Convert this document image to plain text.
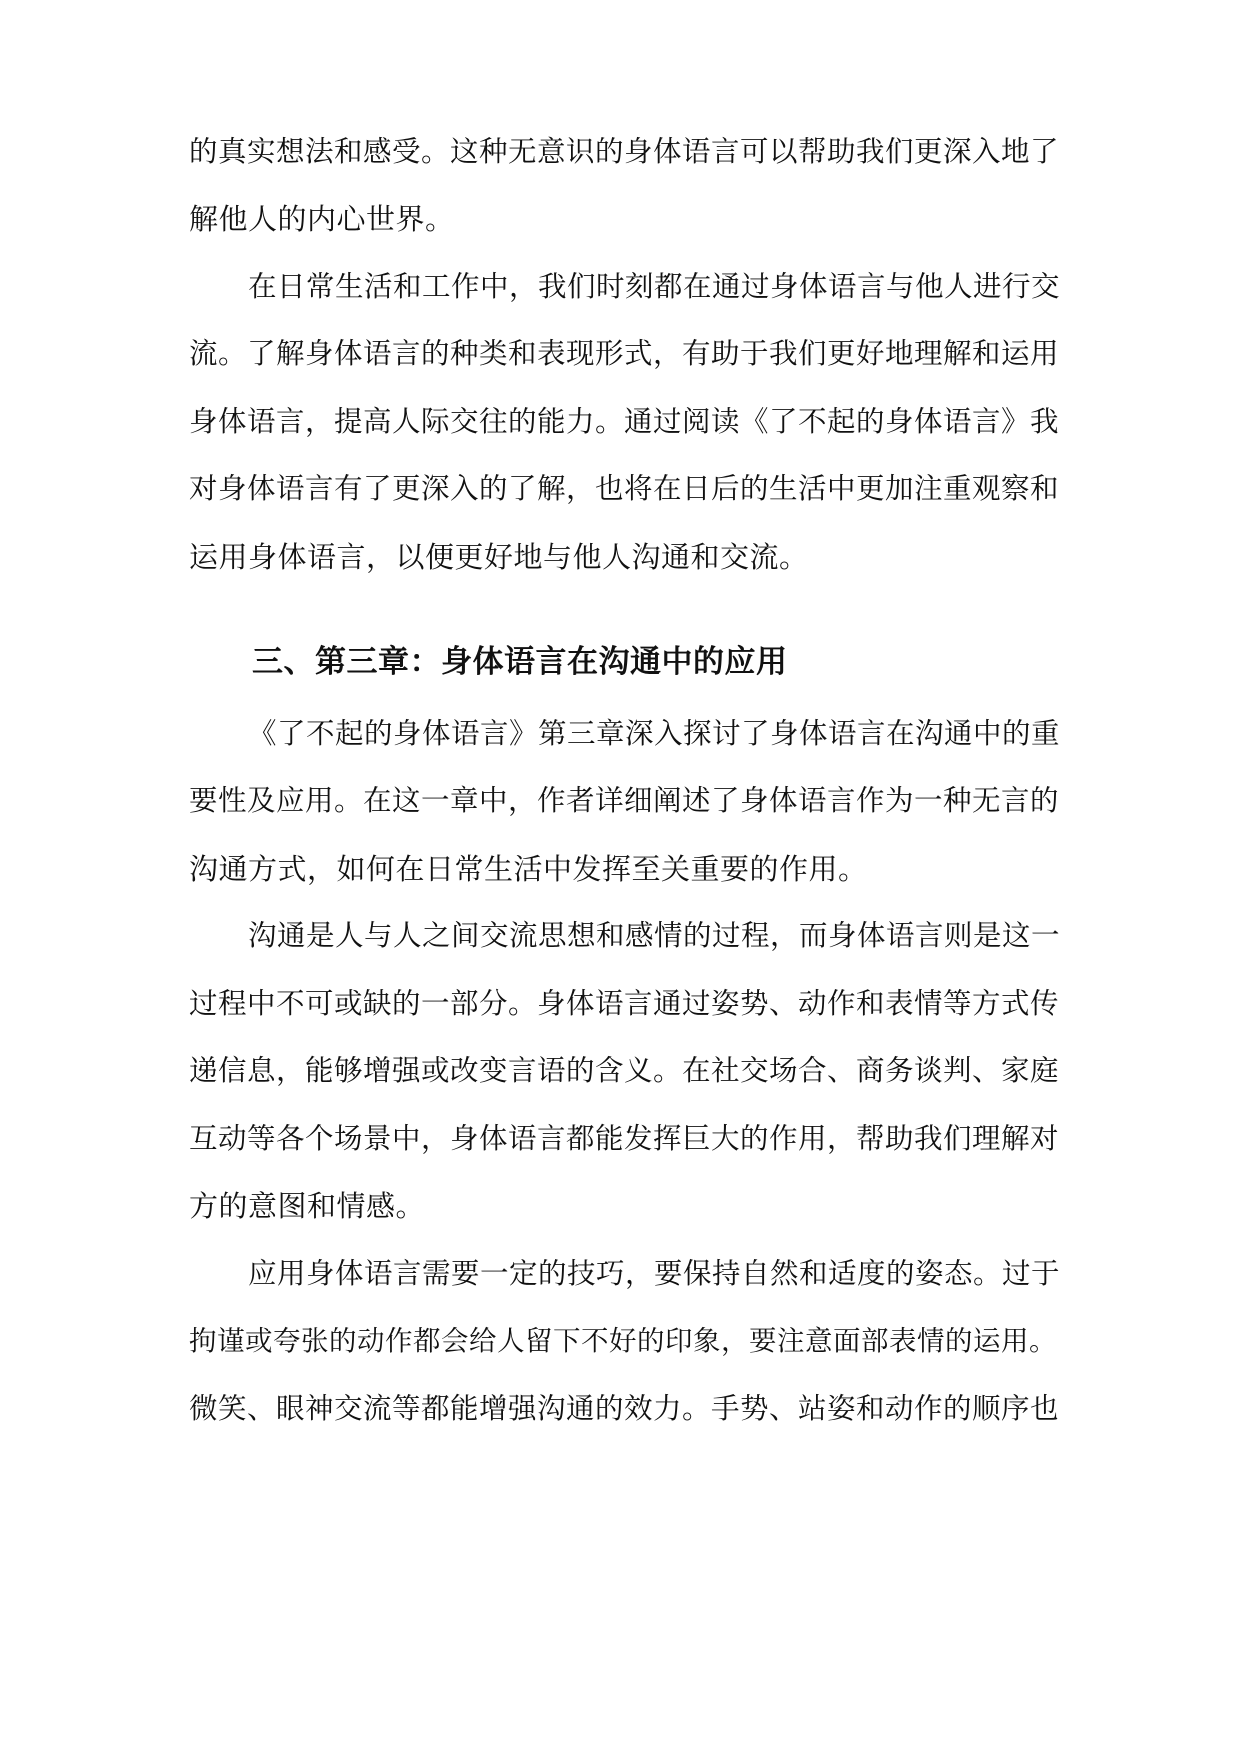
的真实想法和感受。这种无意识的身体语言可以帮助我们更深入地了

解他人的内心世界。

在日常生活和工作中，我们时刻都在通过身体语言与他人进行交

流。了解身体语言的种类和表现形式，有助于我们更好地理解和运用

身体语言，提高人际交往的能力。通过阅读《了不起的身体语言》我

对身体语言有了更深入的了解，也将在日后的生活中更加注重观察和

运用身体语言，以便更好地与他人沟通和交流。

三、第三章：身体语言在沟通中的应用

《了不起的身体语言》第三章深入探讨了身体语言在沟通中的重

要性及应用。在这一章中，作者详细阐述了身体语言作为一种无言的

沟通方式，如何在日常生活中发挥至关重要的作用。

沟通是人与人之间交流思想和感情的过程，而身体语言则是这一

过程中不可或缺的一部分。身体语言通过姿势、动作和表情等方式传

递信息，能够增强或改变言语的含义。在社交场合、商务谈判、家庭

互动等各个场景中，身体语言都能发挥巨大的作用，帮助我们理解对

方的意图和情感。

应用身体语言需要一定的技巧，要保持自然和适度的姿态。过于

拘谨或夸张的动作都会给人留下不好的印象，要注意面部表情的运用。

微笑、眼神交流等都能增强沟通的效力。手势、站姿和动作的顺序也
